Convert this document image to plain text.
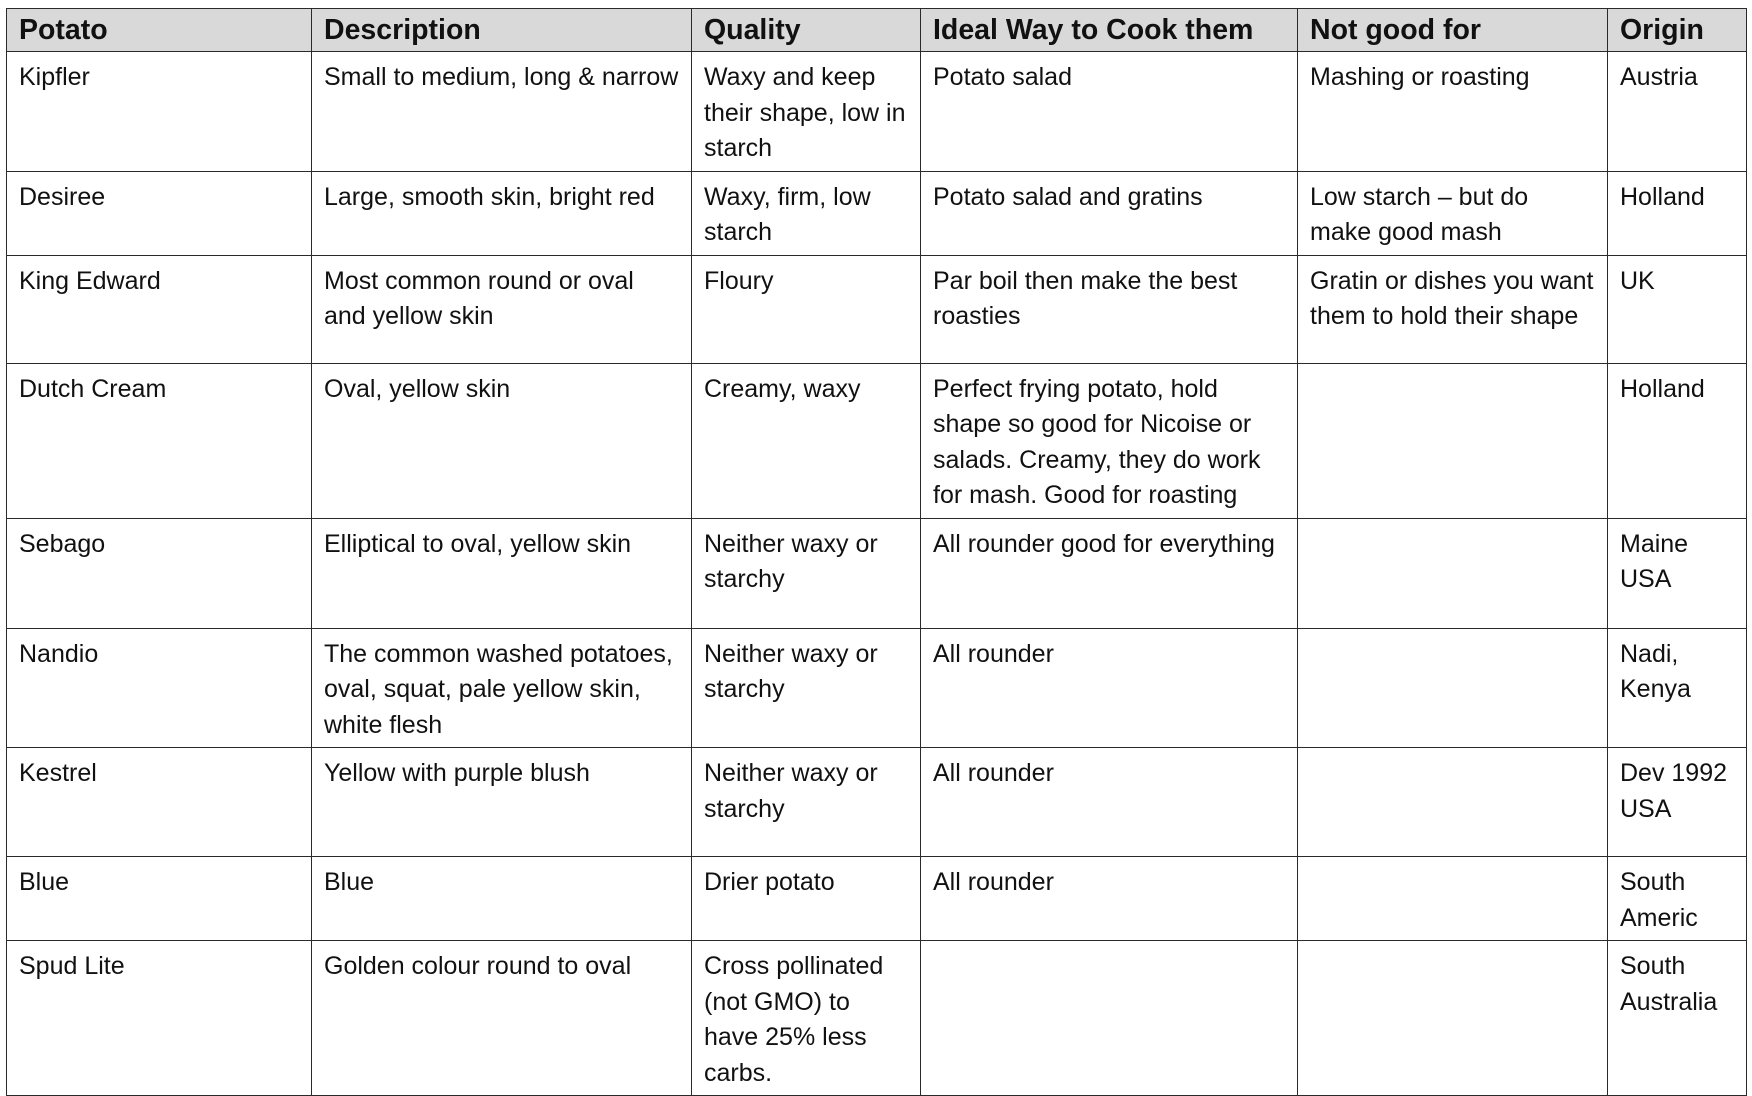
Potato	Description	Quality	Ideal Way to Cook them	Not good for	Origin
Kipfler	Small to medium, long & narrow	Waxy and keep their shape, low in starch	Potato salad	Mashing or roasting	Austria
Desiree	Large, smooth skin, bright red	Waxy, firm, low starch	Potato salad and gratins	Low starch – but do make good mash	Holland
King Edward	Most common round or oval and yellow skin	Floury	Par boil then make the best roasties	Gratin or dishes you want them to hold their shape	UK
Dutch Cream	Oval, yellow skin	Creamy, waxy	Perfect frying potato, hold shape so good for Nicoise or salads. Creamy, they do work for mash. Good for roasting		Holland
Sebago	Elliptical to oval, yellow skin	Neither waxy or starchy	All rounder good for everything		Maine USA
Nandio	The common washed potatoes, oval, squat, pale yellow skin, white flesh	Neither waxy or starchy	All rounder		Nadi, Kenya
Kestrel	Yellow with purple blush	Neither waxy or starchy	All rounder		Dev 1992 USA
Blue	Blue	Drier potato	All rounder		South Americ
Spud Lite	Golden colour round to oval	Cross pollinated (not GMO) to have 25% less carbs.			South Australia
